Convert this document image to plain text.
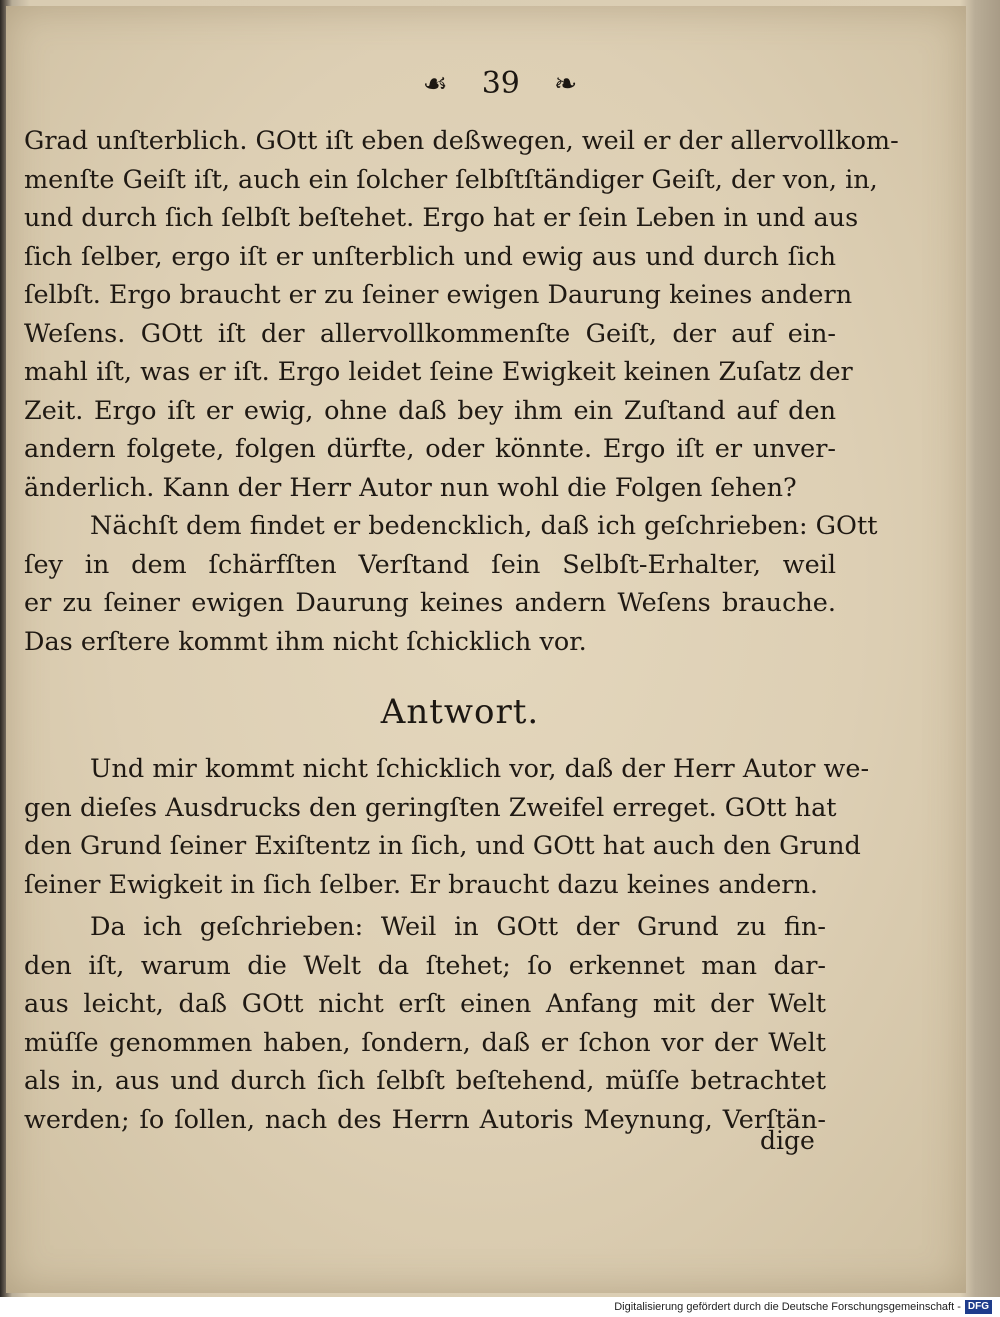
☙ 39 ❧
Grad unſterblich. GOtt iſt eben deßwegen, weil er der allervollkom-
menſte Geiſt iſt, auch ein ſolcher ſelbſtſtändiger Geiſt, der von, in,
und durch ſich ſelbſt beſtehet. Ergo hat er ſein Leben in und aus
ſich ſelber, ergo iſt er unſterblich und ewig aus und durch ſich
ſelbſt. Ergo braucht er zu ſeiner ewigen Daurung keines andern
Weſens. GOtt iſt der allervollkommenſte Geiſt, der auf ein-
mahl iſt, was er iſt. Ergo leidet ſeine Ewigkeit keinen Zuſatz der
Zeit. Ergo iſt er ewig, ohne daß bey ihm ein Zuſtand auf den
andern folgete, folgen dürfte, oder könnte. Ergo iſt er unver-
änderlich. Kann der Herr Autor nun wohl die Folgen ſehen?
Nächſt dem findet er bedencklich, daß ich geſchrieben: GOtt
ſey in dem ſchärfſten Verſtand ſein Selbſt-Erhalter, weil
er zu ſeiner ewigen Daurung keines andern Weſens brauche.
Das erſtere kommt ihm nicht ſchicklich vor.
Antwort.
Und mir kommt nicht ſchicklich vor, daß der Herr Autor we-
gen dieſes Ausdrucks den geringſten Zweifel erreget. GOtt hat
den Grund ſeiner Exiſtentz in ſich, und GOtt hat auch den Grund
ſeiner Ewigkeit in ſich ſelber. Er braucht dazu keines andern.
Da ich geſchrieben: Weil in GOtt der Grund zu fin-
den iſt, warum die Welt da ſtehet; ſo erkennet man dar-
aus leicht, daß GOtt nicht erſt einen Anfang mit der Welt
müſſe genommen haben, ſondern, daß er ſchon vor der Welt
als in, aus und durch ſich ſelbſt beſtehend, müſſe betrachtet
werden; ſo ſollen, nach des Herrn Autoris Meynung, Verſtän-
dige
Digitalisierung gefördert durch die Deutsche Forschungsgemeinschaft - DFG
